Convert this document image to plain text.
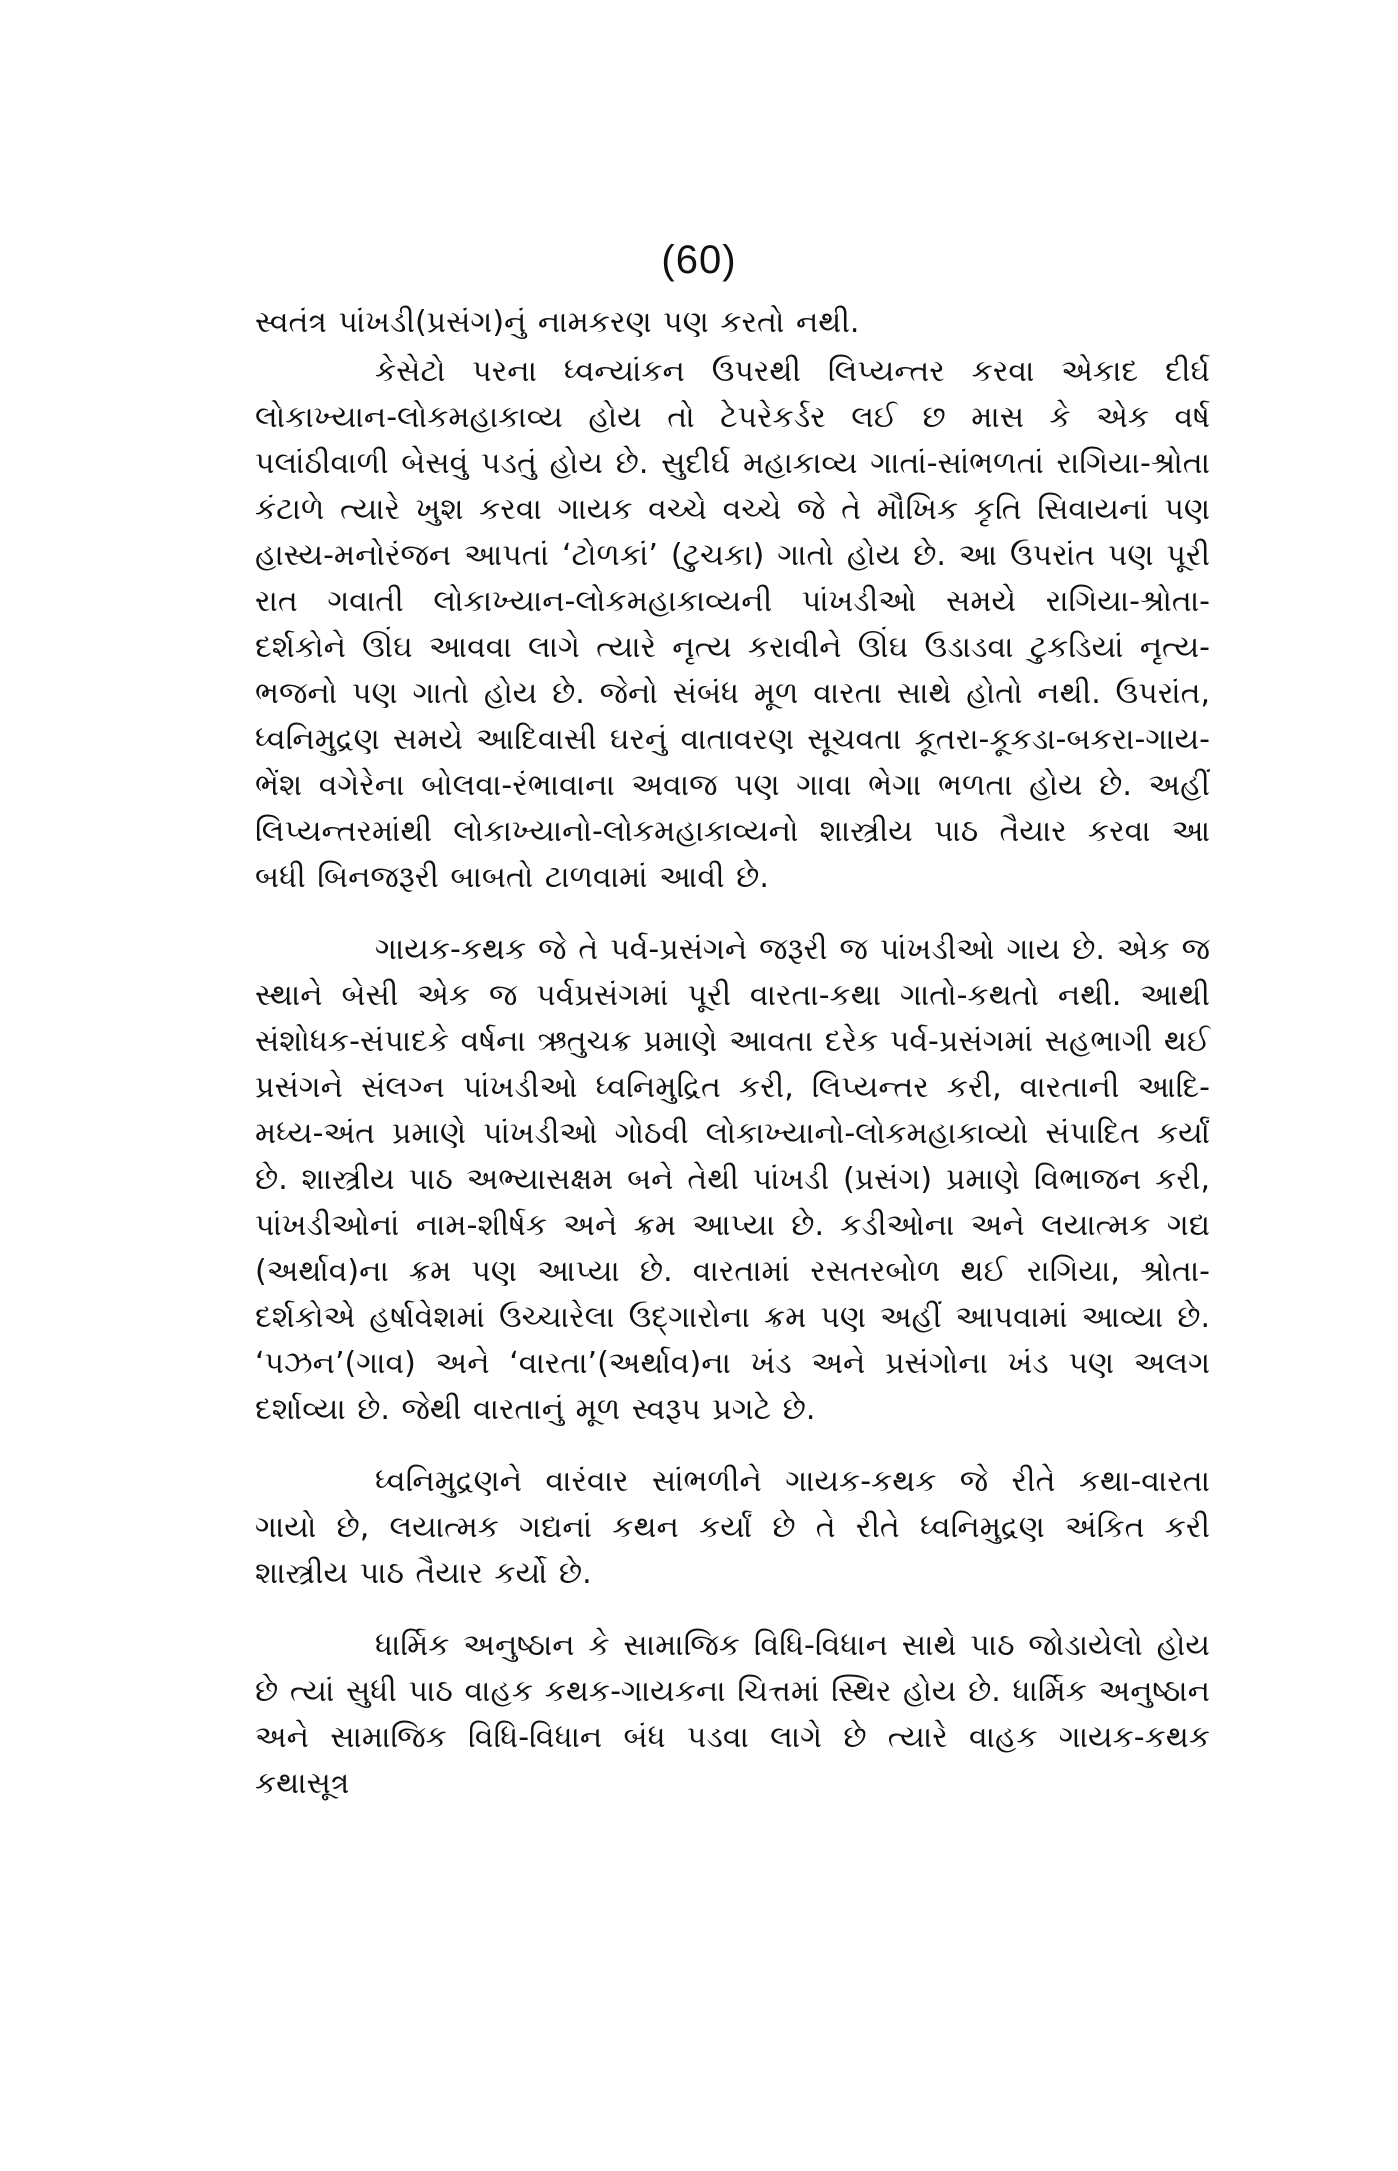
(60)

સ્વતંત્ર પાંખડી(પ્રસંગ)નું નામકરણ પણ કરતો નથી.

કેસેટો પરના ધ્વન્યાંકન ઉપરથી લિપ્યન્તર કરવા એકાદ દીર્ઘ લોકાખ્યાન-લોકમહાકાવ્ય હોય તો ટેપરેકર્ડર લઈ છ માસ કે એક વર્ષ પલાંઠીવાળી બેસવું પડતું હોય છે. સુદીર્ઘ મહાકાવ્ય ગાતાં-સાંભળતાં રાગિયા-શ્રોતા કંટાળે ત્યારે ખુશ કરવા ગાયક વચ્ચે વચ્ચે જે તે મૌખિક કૃતિ સિવાયનાં પણ હાસ્ય-મનોરંજન આપતાં ‘ટોળકાં’ (ટુચકા) ગાતો હોય છે. આ ઉપરાંત પણ પૂરી રાત ગવાતી લોકાખ્યાન-લોકમહાકાવ્યની પાંખડીઓ સમયે રાગિયા-શ્રોતા-દર્શકોને ઊંઘ આવવા લાગે ત્યારે નૃત્ય કરાવીને ઊંઘ ઉડાડવા ટુકડિયાં નૃત્ય-ભજનો પણ ગાતો હોય છે. જેનો સંબંધ મૂળ વારતા સાથે હોતો નથી. ઉપરાંત, ધ્વનિમુદ્રણ સમયે આદિવાસી ઘરનું વાતાવરણ સૂચવતા કૂતરા-કૂકડા-બકરા-ગાય-ભેંશ વગેરેના બોલવા-રંભાવાના અવાજ પણ ગાવા ભેગા ભળતા હોય છે. અહીં લિપ્યન્તરમાંથી લોકાખ્યાનો-લોકમહાકાવ્યનો શાસ્ત્રીય પાઠ તૈયાર કરવા આ બધી બિનજરૂરી બાબતો ટાળવામાં આવી છે.

ગાયક-કથક જે તે પર્વ-પ્રસંગને જરૂરી જ પાંખડીઓ ગાય છે. એક જ સ્થાને બેસી એક જ પર્વપ્રસંગમાં પૂરી વારતા-કથા ગાતો-કથતો નથી. આથી સંશોધક-સંપાદકે વર્ષના ઋતુચક્ર પ્રમાણે આવતા દરેક પર્વ-પ્રસંગમાં સહભાગી થઈ પ્રસંગને સંલગ્ન પાંખડીઓ ધ્વનિમુદ્રિત કરી, લિપ્યન્તર કરી, વારતાની આદિ-મધ્ય-અંત પ્રમાણે પાંખડીઓ ગોઠવી લોકાખ્યાનો-લોકમહાકાવ્યો સંપાદિત કર્યાં છે. શાસ્ત્રીય પાઠ અભ્યાસક્ષમ બને તેથી પાંખડી (પ્રસંગ) પ્રમાણે વિભાજન કરી, પાંખડીઓનાં નામ-શીર્ષક અને ક્રમ આપ્યા છે. કડીઓના અને લયાત્મક ગદ્ય (અર્થાવ)ના ક્રમ પણ આપ્યા છે. વારતામાં રસતરબોળ થઈ રાગિયા, શ્રોતા-દર્શકોએ હર્ષાવેશમાં ઉચ્ચારેલા ઉદ્‌ગારોના ક્રમ પણ અહીં આપવામાં આવ્યા છે. ‘પઝન’(ગાવ) અને ‘વારતા’(અર્થાવ)ના ખંડ અને પ્રસંગોના ખંડ પણ અલગ દર્શાવ્યા છે. જેથી વારતાનું મૂળ સ્વરૂપ પ્રગટે છે.

ધ્વનિમુદ્રણને વારંવાર સાંભળીને ગાયક-કથક જે રીતે કથા-વારતા ગાયો છે, લયાત્મક ગદ્યનાં કથન કર્યાં છે તે રીતે ધ્વનિમુદ્રણ અંકિત કરી શાસ્ત્રીય પાઠ તૈયાર કર્યો છે.

ધાર્મિક અનુષ્ઠાન કે સામાજિક વિધિ-વિધાન સાથે પાઠ જોડાયેલો હોય છે ત્યાં સુધી પાઠ વાહક કથક-ગાયકના ચિત્તમાં સ્થિર હોય છે. ધાર્મિક અનુષ્ઠાન અને સામાજિક વિધિ-વિધાન બંધ પડવા લાગે છે ત્યારે વાહક ગાયક-કથક કથાસૂત્ર
